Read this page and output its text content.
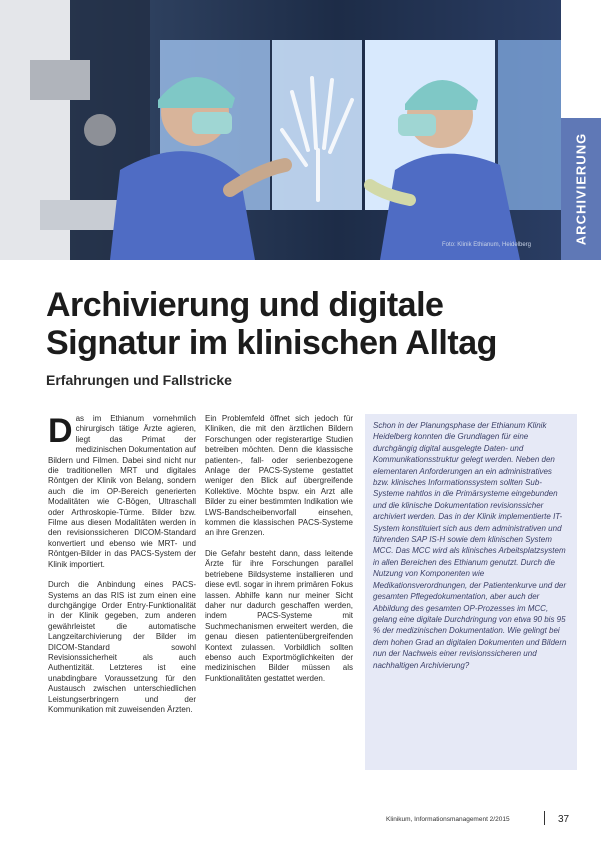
Foto: Klinik Ethianum, Heidelberg	ARCHIVIERUNG
Archivierung und digitale Signatur im klinischen Alltag
Erfahrungen und Fallstricke

Das im Ethianum vornehmlich chirurgisch tätige Ärzte agieren, liegt das Primat der medizinischen Dokumentation auf Bildern und Filmen. Dabei sind nicht nur die traditionellen MRT und digitales Röntgen der Klinik von Belang, sondern auch die im OP-Bereich generierten Modalitäten wie C-Bögen, Ultraschall oder Arthroskopie-Türme. Bilder bzw. Filme aus diesen Modalitäten werden in den revisionssicheren DICOM-Standard konvertiert und ebenso wie MRT- und Röntgen-Bilder in das PACS-System der Klinik importiert.

Durch die Anbindung eines PACS-Systems an das RIS ist zum einen eine durchgängige Order Entry-Funktionalität in der Klinik gegeben, zum anderen gewährleistet die automatische Langzeitarchivierung der Bilder im DICOM-Standard sowohl Revisionssicherheit als auch Authentizität. Letzteres ist eine unabdingbare Voraussetzung für den Austausch zwischen unterschiedlichen Leistungserbringern und der Kommunikation mit zuweisenden Ärzten.

Ein Problemfeld öffnet sich jedoch für Kliniken, die mit den ärztlichen Bildern Forschungen oder registerartige Studien betreiben möchten. Denn die klassische patienten-, fall- oder serienbezogene Anlage der PACS-Systeme gestattet weniger den Blick auf übergreifende Kollektive. Möchte bspw. ein Arzt alle Bilder zu einer bestimmten Indikation wie LWS-Bandscheibenvorfall einsehen, kommen die klassischen PACS-Systeme an ihre Grenzen.

Die Gefahr besteht dann, dass leitende Ärzte für ihre Forschungen parallel betriebene Bildsysteme installieren und diese evtl. sogar in ihrem primären Fokus lassen. Abhilfe kann nur meiner Sicht daher nur dadurch geschaffen werden, indem PACS-Systeme mit Suchmechanismen erweitert werden, die genau diesen patientenübergreifenden Kontext zulassen. Vorbildlich sollten ebenso auch Exportmöglichkeiten der medizinischen Bilder müssen als Funktionalitäten gestattet werden.

Schon in der Planungsphase der Ethianum Klinik Heidelberg konnten die Grundlagen für eine durchgängig digital ausgelegte Daten- und Kommunikationsstruktur gelegt werden. Neben den elementaren Anforderungen an ein administratives bzw. klinisches Informationssystem sollten Sub-Systeme nahtlos in die Primärsysteme eingebunden und die klinische Dokumentation revisionssicher archiviert werden. Das in der Klinik implementierte IT-System konstituiert sich aus dem administrativen und führenden SAP IS-H sowie dem klinischen System MCC. Das MCC wird als klinisches Arbeitsplatzsystem in allen Bereichen des Ethianum genutzt. Durch die Nutzung von Komponenten wie Medikationsverordnungen, der Patientenkurve und der gesamten Pflegedokumentation, aber auch der Abbildung des gesamten OP-Prozesses im MCC, gelang eine digitale Durchdringung von etwa 90 bis 95 % der medizinischen Dokumentation. Wie gelingt bei dem hohen Grad an digitalen Dokumenten und Bildern nun der Nachweis einer revisionssicheren und nachhaltigen Archivierung?

Klinikum, Informationsmanagement 2/2015	37
